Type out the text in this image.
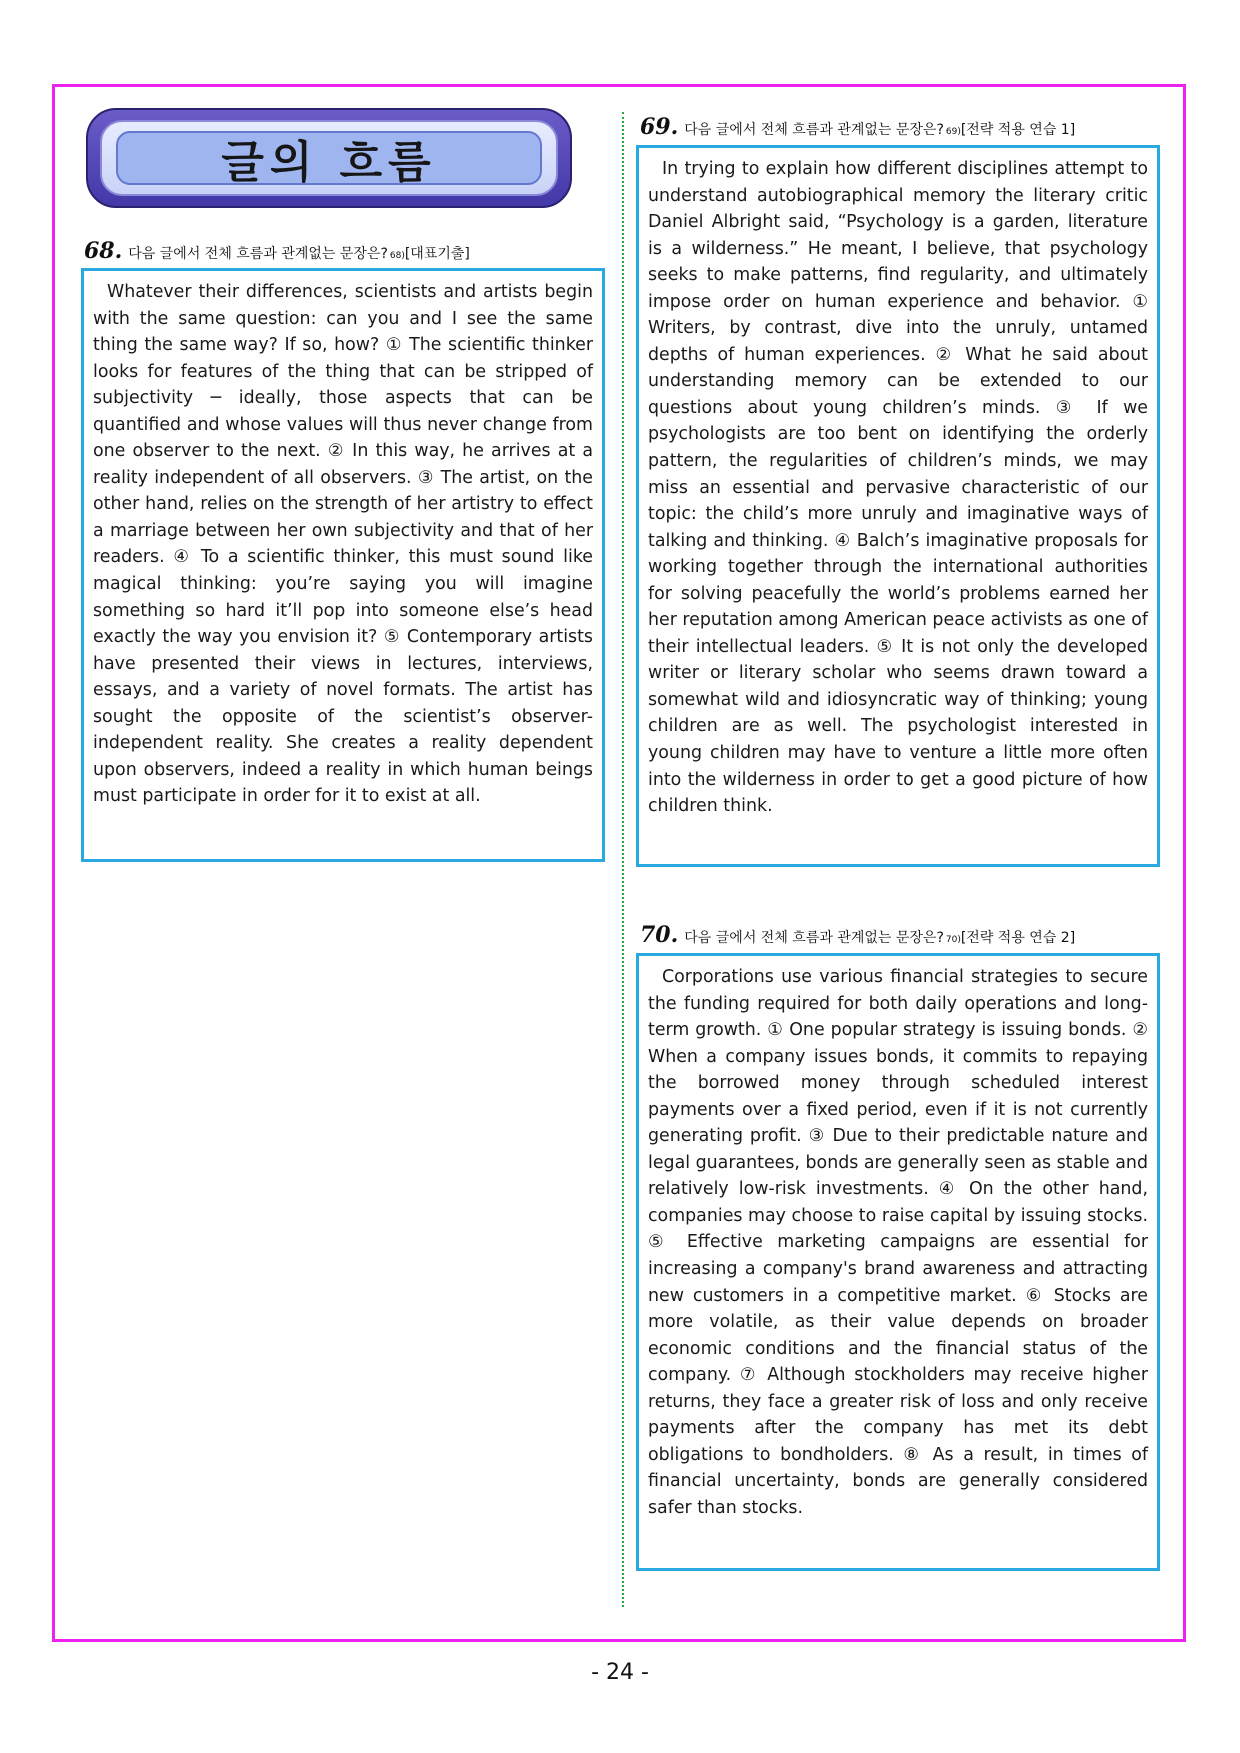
글의 흐름
68. 다음 글에서 전체 흐름과 관계없는 문장은? 68) [대표기출]

Whatever their differences, scientists and artists begin with the same question: can you and I see the same thing the same way? If so, how? ① The scientific thinker looks for features of the thing that can be stripped of subjectivity ─ ideally, those aspects that can be quantified and whose values will thus never change from one observer to the next. ② In this way, he arrives at a reality independent of all observers. ③ The artist, on the other hand, relies on the strength of her artistry to effect a marriage between her own subjectivity and that of her readers. ④ To a scientific thinker, this must sound like magical thinking: you’re saying you will imagine something so hard it’ll pop into someone else’s head exactly the way you envision it? ⑤ Contemporary artists have presented their views in lectures, interviews, essays, and a variety of novel formats. The artist has sought the opposite of the scientist’s observer-independent reality. She creates a reality dependent upon observers, indeed a reality in which human beings must participate in order for it to exist at all.

69. 다음 글에서 전체 흐름과 관계없는 문장은? 69) [전략 적용 연습 1]

In trying to explain how different disciplines attempt to understand autobiographical memory the literary critic Daniel Albright said, “Psychology is a garden, literature is a wilderness.” He meant, I believe, that psychology seeks to make patterns, find regularity, and ultimately impose order on human experience and behavior. ① Writers, by contrast, dive into the unruly, untamed depths of human experiences. ② What he said about understanding memory can be extended to our questions about young children’s minds. ③ If we psychologists are too bent on identifying the orderly pattern, the regularities of children’s minds, we may miss an essential and pervasive characteristic of our topic: the child’s more unruly and imaginative ways of talking and thinking. ④ Balch’s imaginative proposals for working together through the international authorities for solving peacefully the world’s problems earned her her reputation among American peace activists as one of their intellectual leaders. ⑤ It is not only the developed writer or literary scholar who seems drawn toward a somewhat wild and idiosyncratic way of thinking; young children are as well. The psychologist interested in young children may have to venture a little more often into the wilderness in order to get a good picture of how children think.

70. 다음 글에서 전체 흐름과 관계없는 문장은? 70) [전략 적용 연습 2]

Corporations use various financial strategies to secure the funding required for both daily operations and long-term growth. ① One popular strategy is issuing bonds. ② When a company issues bonds, it commits to repaying the borrowed money through scheduled interest payments over a fixed period, even if it is not currently generating profit. ③ Due to their predictable nature and legal guarantees, bonds are generally seen as stable and relatively low-risk investments. ④ On the other hand, companies may choose to raise capital by issuing stocks. ⑤ Effective marketing campaigns are essential for increasing a company's brand awareness and attracting new customers in a competitive market. ⑥ Stocks are more volatile, as their value depends on broader economic conditions and the financial status of the company. ⑦ Although stockholders may receive higher returns, they face a greater risk of loss and only receive payments after the company has met its debt obligations to bondholders. ⑧ As a result, in times of financial uncertainty, bonds are generally considered safer than stocks.

- 24 -
